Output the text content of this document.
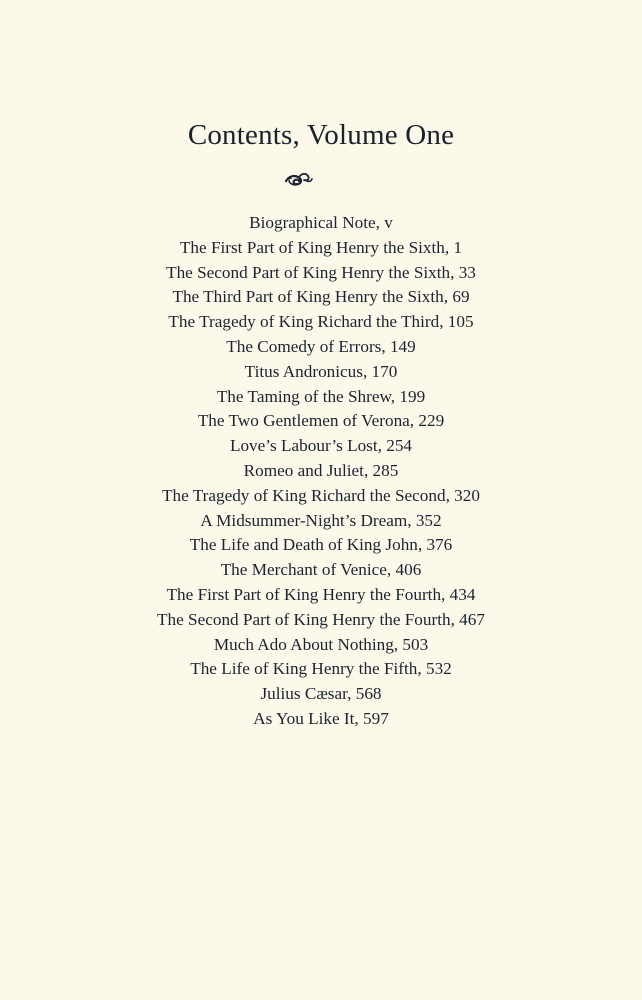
Contents, Volume One
Biographical Note, v
The First Part of King Henry the Sixth, 1
The Second Part of King Henry the Sixth, 33
The Third Part of King Henry the Sixth, 69
The Tragedy of King Richard the Third, 105
The Comedy of Errors, 149
Titus Andronicus, 170
The Taming of the Shrew, 199
The Two Gentlemen of Verona, 229
Love’s Labour’s Lost, 254
Romeo and Juliet, 285
The Tragedy of King Richard the Second, 320
A Midsummer-Night’s Dream, 352
The Life and Death of King John, 376
The Merchant of Venice, 406
The First Part of King Henry the Fourth, 434
The Second Part of King Henry the Fourth, 467
Much Ado About Nothing, 503
The Life of King Henry the Fifth, 532
Julius Cæsar, 568
As You Like It, 597
